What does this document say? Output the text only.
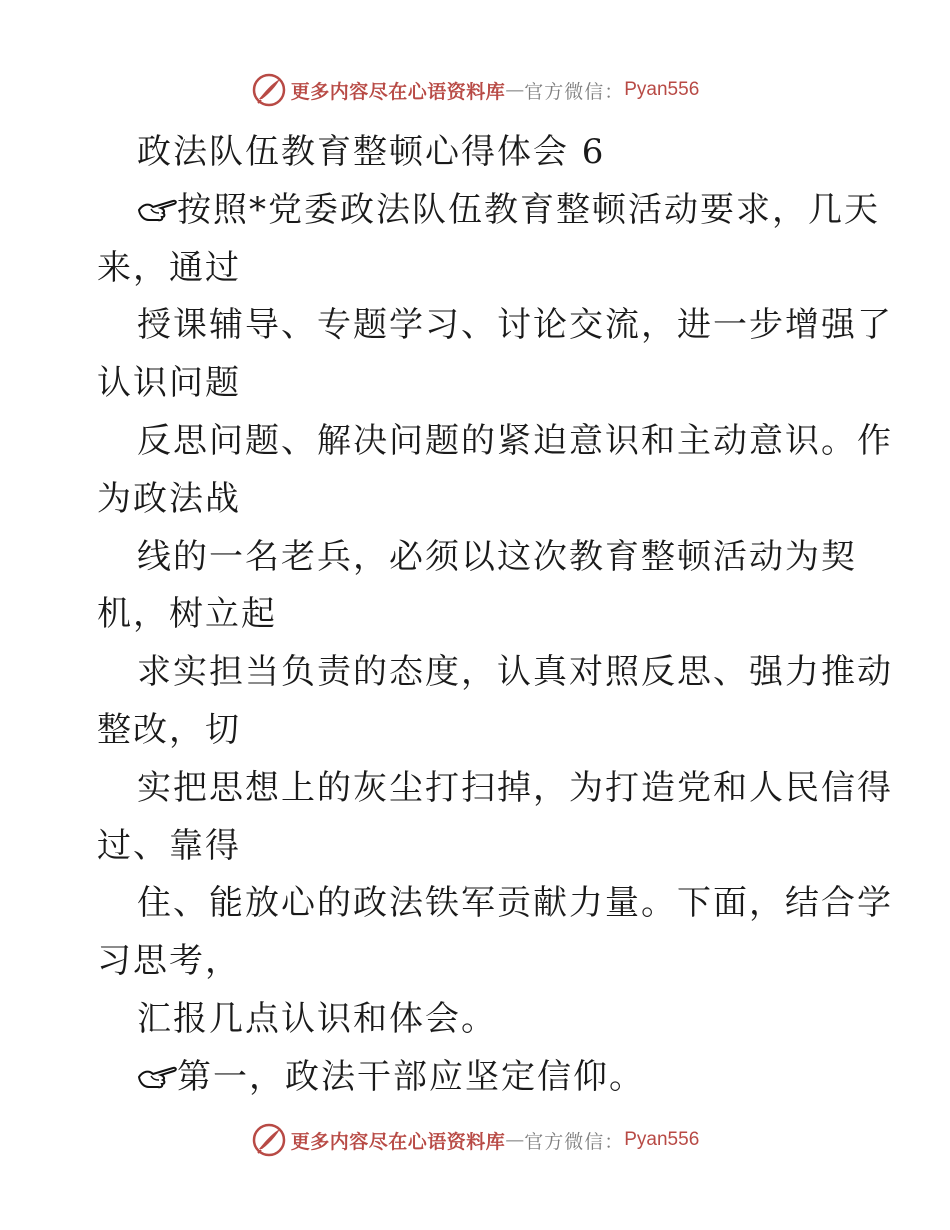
更多内容尽在心语资料库 — 官方微信： Pyan556
政法队伍教育整顿心得体会 6
按照*党委政法队伍教育整顿活动要求，几天
来，通过
授课辅导、专题学习、讨论交流，进一步增强了
认识问题
反思问题、解决问题的紧迫意识和主动意识。作
为政法战
线的一名老兵，必须以这次教育整顿活动为契
机，树立起
求实担当负责的态度，认真对照反思、强力推动
整改，切
实把思想上的灰尘打扫掉，为打造党和人民信得
过、靠得
住、能放心的政法铁军贡献力量。下面，结合学
习思考，
汇报几点认识和体会。
第一，政法干部应坚定信仰。
更多内容尽在心语资料库 — 官方微信： Pyan556
